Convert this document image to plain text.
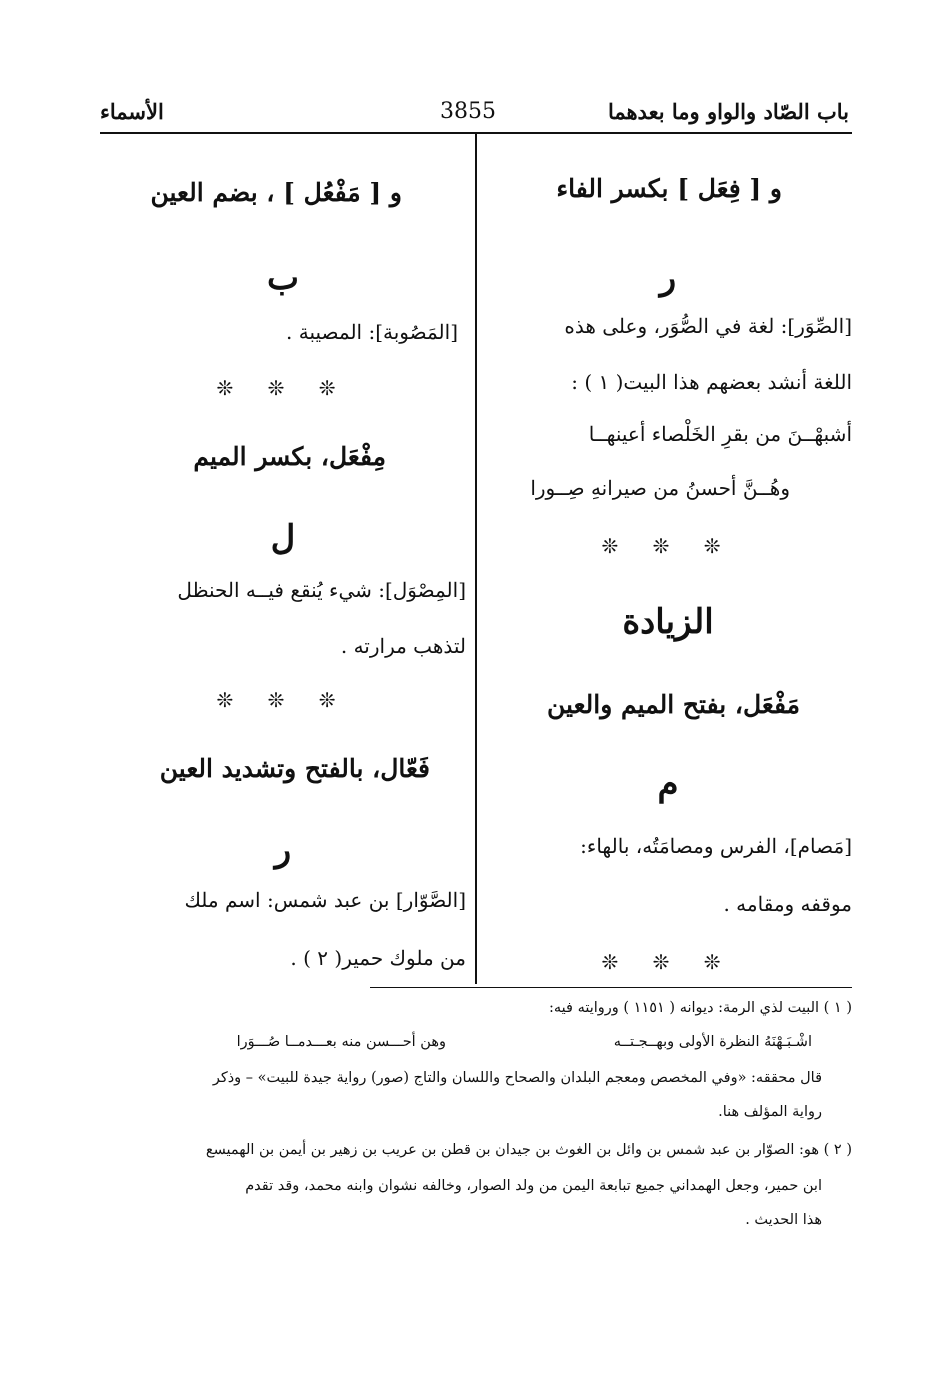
باب الصّاد والواو وما بعدهما
3855
الأسماء
و [ فِعَل ] بكسر الفاء
ر
[الصِّوَر]: لغة في الصُّوَر، وعلى هذه
اللغة أنشد بعضهم هذا البيت( ١ ) :
أشبهْــنَ من بقرِ الخَلْصاء أعينهــا
وهُــنَّ أحسنُ من صيرانهِ صِــورا
❊ ❊ ❊
الزيادة
مَفْعَل، بفتح الميم والعين
م
[مَصام]، الفرس ومصامَتُه، بالهاء:
موقفه ومقامه .
❊ ❊ ❊
و [ مَفْعُل ] ، بضم العين
ب
[المَصُوبة]: المصيبة .
❊ ❊ ❊
مِفْعَل، بكسر الميم
ل
[المِصْوَل]: شيء يُنقع فيــه الحنظل
لتذهب مرارته .
❊ ❊ ❊
فَعّال، بالفتح وتشديد العين
ر
[الصَّوّار] بن عبد شمس: اسم ملك
من ملوك حمير( ٢ ) .
( ١ ) البيت لذي الرمة: ديوانه ( ١١٥١ ) وروايته فيه:
اشْـبَـهْنَهُ النظرة الأولى وبهــجـتــه
وهن أحـــسن منه بعـــدمــا صُـــوَرا
قال محققه: «وفي المخصص ومعجم البلدان والصحاح واللسان والتاج (صور) رواية جيدة للبيت» – وذكر
رواية المؤلف هنا.
( ٢ ) هو: الصوّار بن عبد شمس بن وائل بن الغوث بن جيدان بن قطن بن عريب بن زهير بن أيمن بن الهميسع
ابن حمير، وجعل الهمداني جميع تبابعة اليمن من ولد الصوار، وخالفه نشوان وابنه محمد، وقد تقدم
هذا الحديث .
